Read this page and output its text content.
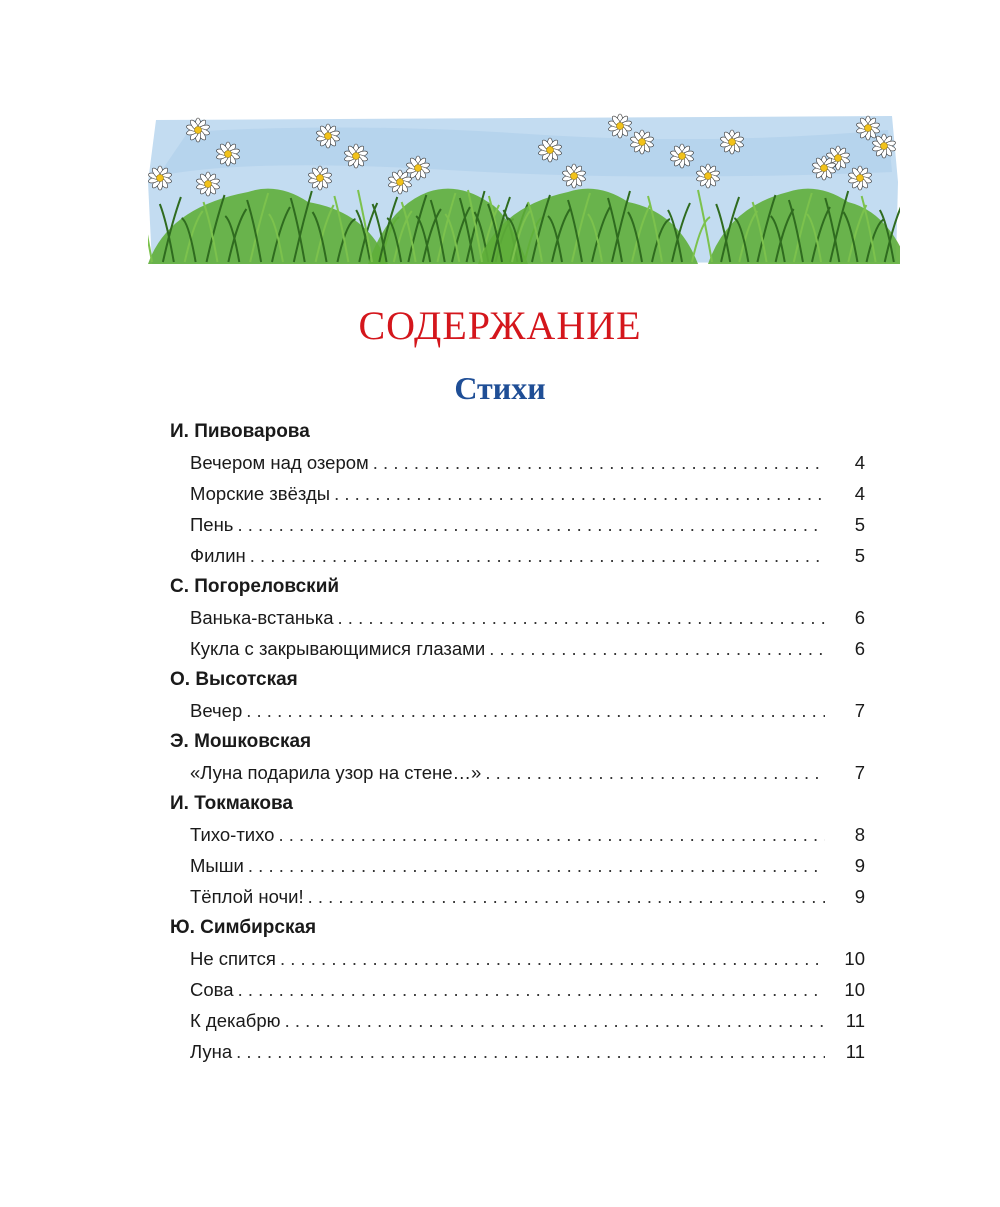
СОДЕРЖАНИЕ
Стихи
И. Пивоварова
Вечером над озером . . .	4
Морские звёзды . . .	4
Пень . . .	5
Филин . . .	5
С. Погореловский
Ванька-встанька . . .	6
Кукла с закрывающимися глазами . . .	6
О. Высотская
Вечер . . .	7
Э. Мошковская
«Луна подарила узор на стене…» . . .	7
И. Токмакова
Тихо-тихо . . .	8
Мыши . . .	9
Тёплой ночи! . . .	9
Ю. Симбирская
Не спится . . .	10
Сова . . .	10
К декабрю . . .	11
Луна . . .	11
